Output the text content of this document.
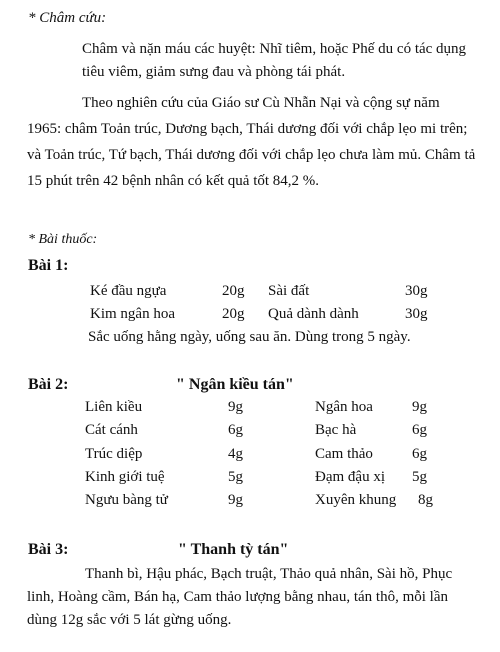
* Châm cứu:
Châm và nặn máu các huyệt: Nhĩ tiêm, hoặc Phế du có tác dụng tiêu viêm, giảm sưng đau và phòng tái phát.
Theo nghiên cứu của Giáo sư Cù Nhẫn Nại và cộng sự năm 1965: châm Toản trúc, Dương bạch, Thái dương đối với chắp lẹo mi trên; và Toản trúc, Tứ bạch, Thái dương đối với chắp lẹo chưa làm mủ. Châm tả 15 phút trên 42 bệnh nhân có kết quả tốt 84,2 %.
* Bài thuốc:
Bài 1:
Ké đầu ngựa	20g Sài đất	30g
Kim ngân hoa	20g Quả dành dành	30g
Sắc uống hằng ngày, uống sau ăn. Dùng trong 5 ngày.
Bài 2:	" Ngân kiều tán"
Liên kiều	9g	Ngân hoa	9g
Cát cánh	6g	Bạc hà	6g
Trúc diệp	4g	Cam thảo	6g
Kinh giới tuệ	5g	Đạm đậu xị 5g
Ngưu bàng tử	9g	Xuyên khung 8g
Bài 3:	" Thanh tỳ tán"
Thanh bì, Hậu phác, Bạch truật, Thảo quả nhân, Sài hồ, Phục linh, Hoàng cầm, Bán hạ, Cam thảo lượng bằng nhau, tán thô, mỗi lần dùng 12g sắc với 5 lát gừng uống.
